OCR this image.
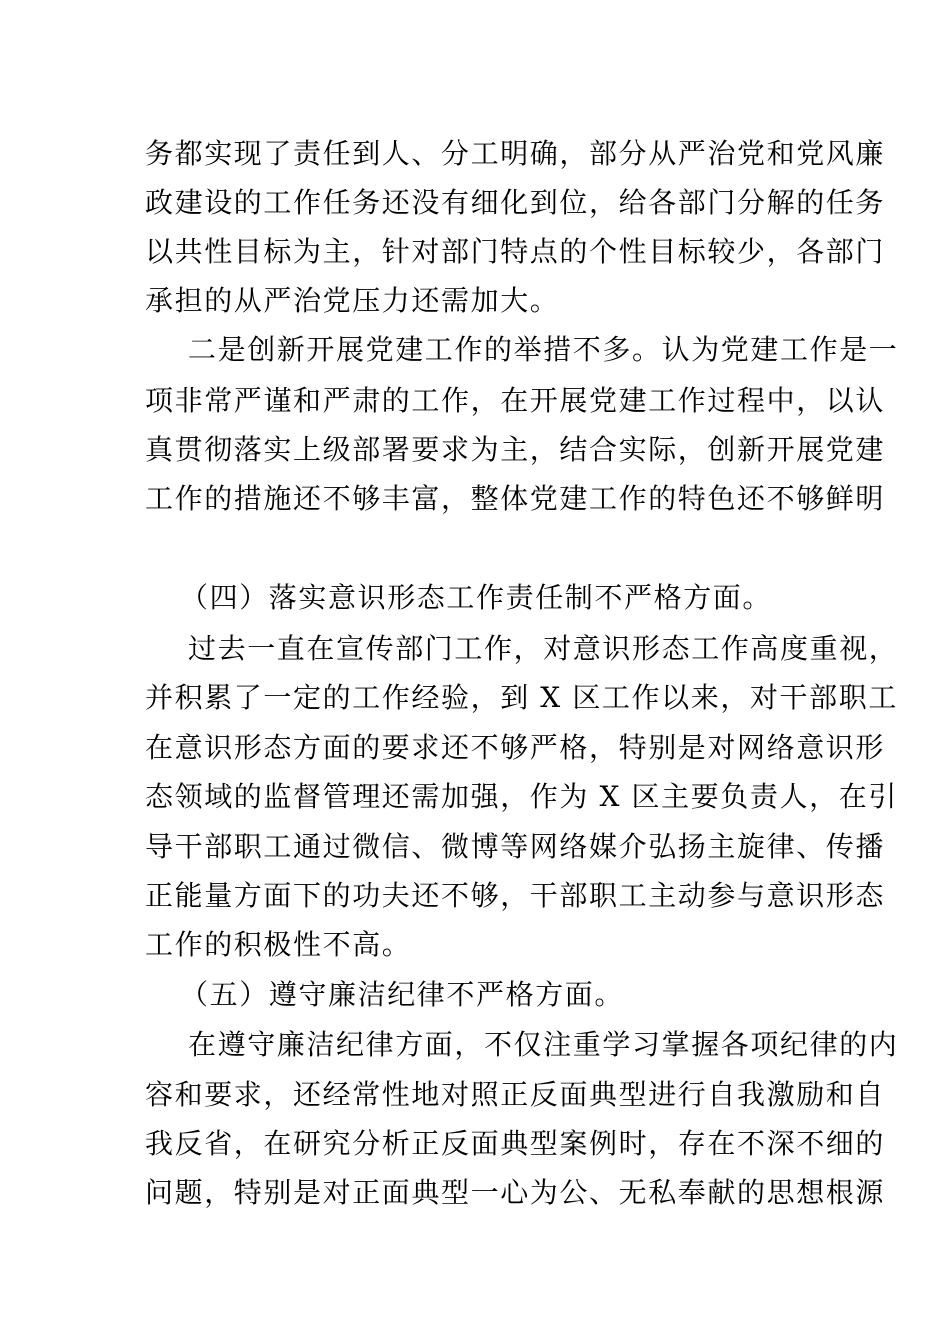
务都实现了责任到人、分工明确，部分从严治党和党风廉
政建设的工作任务还没有细化到位，给各部门分解的任务
以共性目标为主，针对部门特点的个性目标较少，各部门
承担的从严治党压力还需加大。
二是创新开展党建工作的举措不多。认为党建工作是一
项非常严谨和严肃的工作，在开展党建工作过程中，以认
真贯彻落实上级部署要求为主，结合实际，创新开展党建
工作的措施还不够丰富，整体党建工作的特色还不够鲜明
（四）落实意识形态工作责任制不严格方面。
过去一直在宣传部门工作，对意识形态工作高度重视，
并积累了一定的工作经验，到 X 区工作以来，对干部职工
在意识形态方面的要求还不够严格，特别是对网络意识形
态领域的监督管理还需加强，作为 X 区主要负责人，在引
导干部职工通过微信、微博等网络媒介弘扬主旋律、传播
正能量方面下的功夫还不够，干部职工主动参与意识形态
工作的积极性不高。
（五）遵守廉洁纪律不严格方面。
在遵守廉洁纪律方面，不仅注重学习掌握各项纪律的内
容和要求，还经常性地对照正反面典型进行自我激励和自
我反省，在研究分析正反面典型案例时，存在不深不细的
问题，特别是对正面典型一心为公、无私奉献的思想根源
